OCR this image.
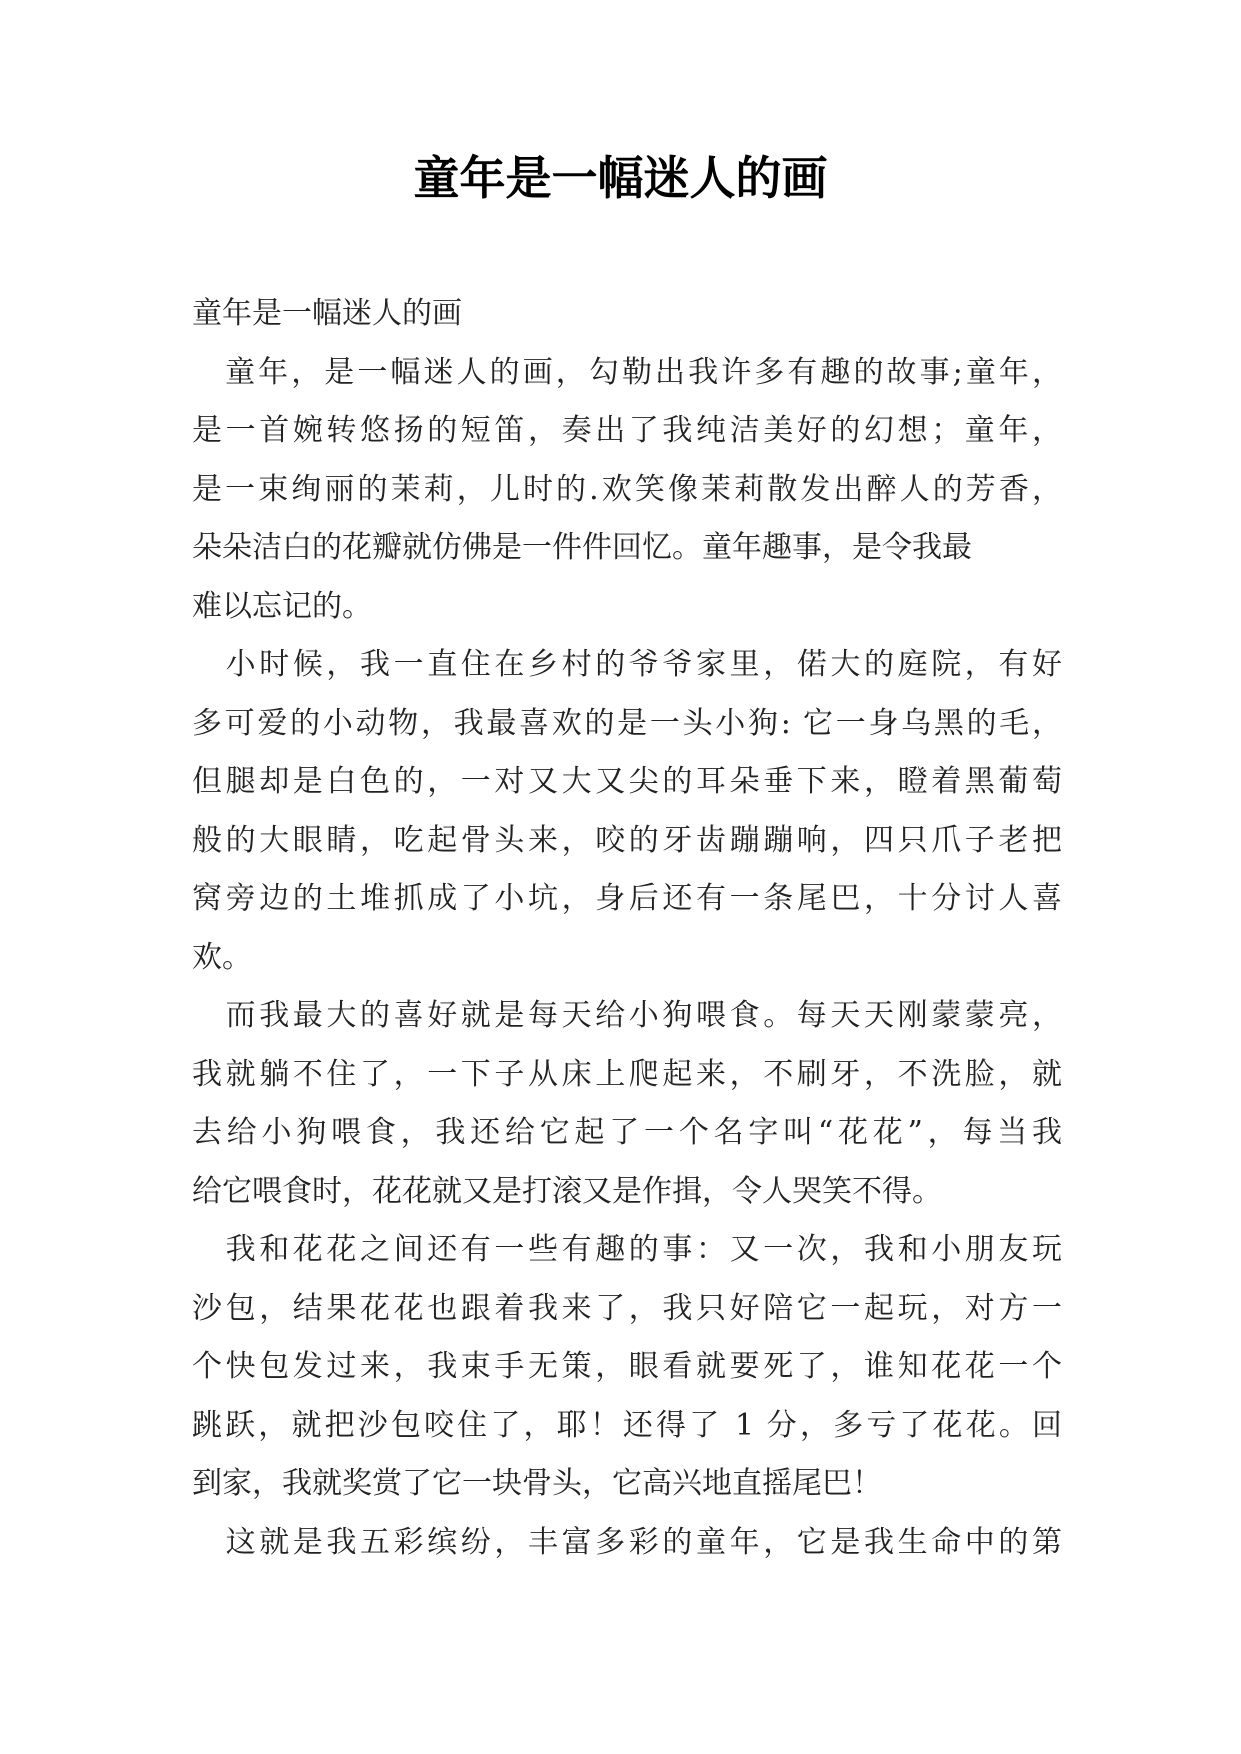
童年是一幅迷人的画
童年是一幅迷人的画
　童年，是一幅迷人的画，勾勒出我许多有趣的故事;童年，
是一首婉转悠扬的短笛，奏出了我纯洁美好的幻想；童年，
是一束绚丽的茉莉，儿时的.欢笑像茉莉散发出醉人的芳香，
朵朵洁白的花瓣就仿佛是一件件回忆。童年趣事，是令我最
难以忘记的。
　小时候，我一直住在乡村的爷爷家里，偌大的庭院，有好
多可爱的小动物，我最喜欢的是一头小狗: 它一身乌黑的毛，
但腿却是白色的，一对又大又尖的耳朵垂下来，瞪着黑葡萄
般的大眼睛，吃起骨头来，咬的牙齿蹦蹦响，四只爪子老把
窝旁边的土堆抓成了小坑，身后还有一条尾巴，十分讨人喜
欢。
　而我最大的喜好就是每天给小狗喂食。每天天刚蒙蒙亮，
我就躺不住了，一下子从床上爬起来，不刷牙，不洗脸，就
去给小狗喂食，我还给它起了一个名字叫“花花”，每当我
给它喂食时，花花就又是打滚又是作揖，令人哭笑不得。
　我和花花之间还有一些有趣的事：又一次，我和小朋友玩
沙包，结果花花也跟着我来了，我只好陪它一起玩，对方一
个快包发过来，我束手无策，眼看就要死了，谁知花花一个
跳跃，就把沙包咬住了，耶！还得了 1 分，多亏了花花。回
到家，我就奖赏了它一块骨头，它高兴地直摇尾巴！
　这就是我五彩缤纷，丰富多彩的童年，它是我生命中的第
